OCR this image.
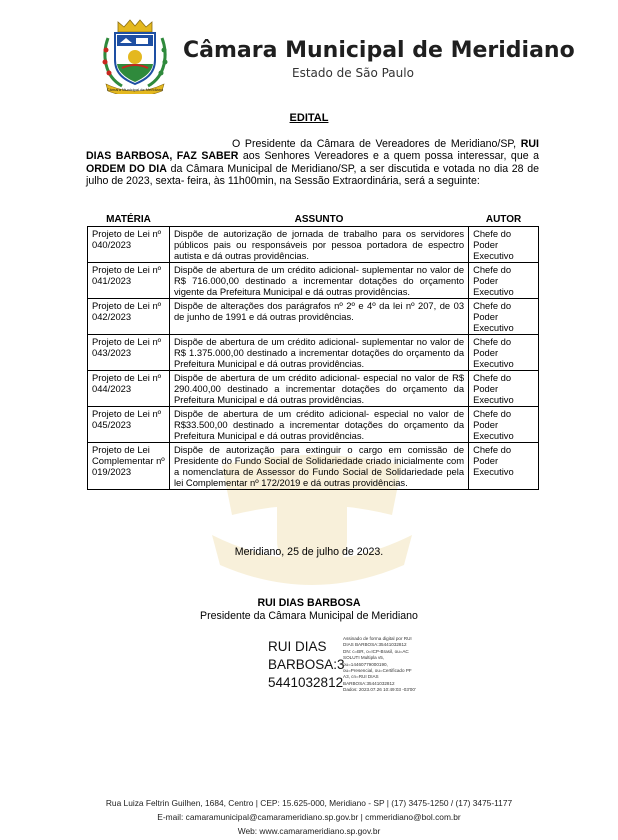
Câmara Municipal de Meridiano
Câmara Municipal de Meridiano
Estado de São Paulo
EDITAL

O Presidente da Câmara de Vereadores de Meridiano/SP, RUI DIAS BARBOSA, FAZ SABER aos Senhores Vereadores e a quem possa interessar, que a ORDEM DO DIA da Câmara Municipal de Meridiano/SP, a ser discutida e votada no dia 28 de julho de 2023, sexta- feira, às 11h00min, na Sessão Extraordinária, será a seguinte:

MATÉRIA	ASSUNTO	AUTOR
Projeto de Lei nº 040/2023	Dispõe de autorização de jornada de trabalho para os servidores públicos pais ou responsáveis por pessoa portadora de espectro autista e dá outras providências.	Chefe do Poder Executivo
Projeto de Lei nº 041/2023	Dispõe de abertura de um crédito adicional- suplementar no valor de R$ 716.000,00 destinado a incrementar dotações do orçamento vigente da Prefeitura Municipal e dá outras providências.	Chefe do Poder Executivo
Projeto de Lei nº 042/2023	Dispõe de alterações dos parágrafos nº 2º e 4º da lei nº 207, de 03 de junho de 1991 e dá outras providências.	Chefe do Poder Executivo
Projeto de Lei nº 043/2023	Dispõe de abertura de um crédito adicional- suplementar no valor de R$ 1.375.000,00 destinado a incrementar dotações do orçamento da Prefeitura Municipal e dá outras providências.	Chefe do Poder Executivo
Projeto de Lei nº 044/2023	Dispõe de abertura de um crédito adicional- especial no valor de R$ 290.400,00 destinado a incrementar dotações do orçamento da Prefeitura Municipal e dá outras providências.	Chefe do Poder Executivo
Projeto de Lei nº 045/2023	Dispõe de abertura de um crédito adicional- especial no valor de R$33.500,00 destinado a incrementar dotações do orçamento da Prefeitura Municipal e dá outras providências.	Chefe do Poder Executivo
Projeto de Lei Complementar nº 019/2023	Dispõe de autorização para extinguir o cargo em comissão de Presidente do Fundo Social de Solidariedade criado inicialmente com a nomenclatura de Assessor do Fundo Social de Solidariedade pela lei Complementar nº 172/2019 e dá outras providências.	Chefe do Poder Executivo
Meridiano, 25 de julho de 2023.
RUI DIAS BARBOSA
Presidente da Câmara Municipal de Meridiano
RUI DIAS
BARBOSA:3
5441032812
Assinado de forma digital por RUI
DIAS BARBOSA:35441032812
DN: c=BR, o=ICP-Brasil, ou=AC
SOLUTI Multipla v5,
ou=14460779000190,
ou=Presencial, ou=Certificado PF
A3, cn=RUI DIAS
BARBOSA:35441032812
Dados: 2023.07.26 10:49:03 -03'00'
Rua Luiza Feltrin Guilhen, 1684, Centro | CEP: 15.625-000, Meridiano - SP | (17) 3475-1250 / (17) 3475-1177
E-mail: camaramunicipal@camarameridiano.sp.gov.br | cmmeridiano@bol.com.br
Web: www.camarameridiano.sp.gov.br
